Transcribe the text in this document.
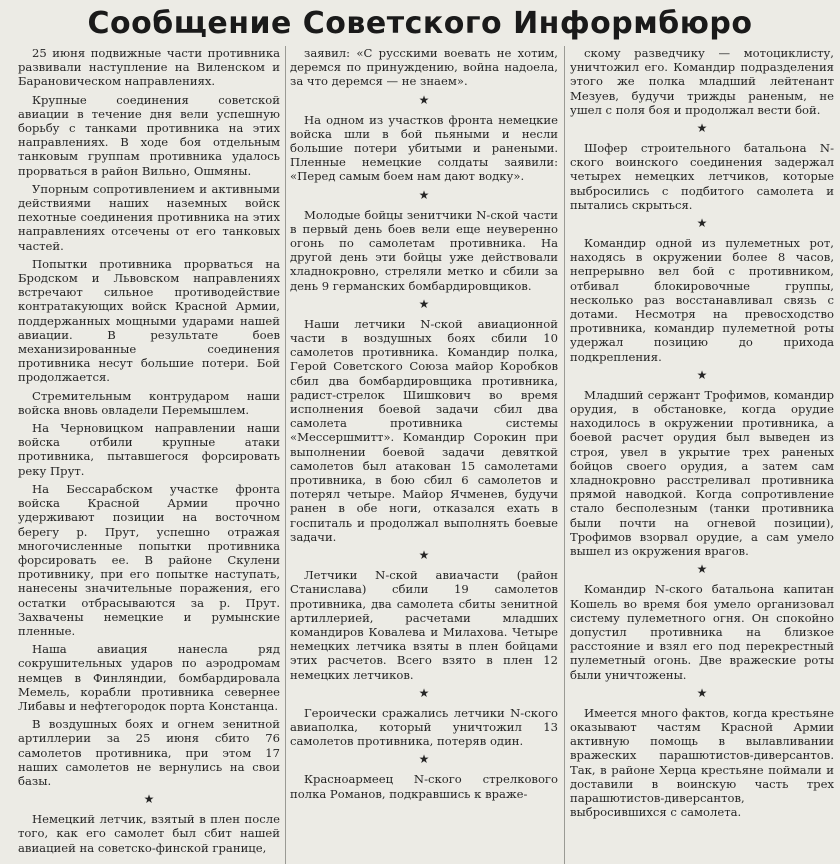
Сообщение Советского Информбюро

25 июня подвижные части противника развивали наступление на Виленском и Барановическом направлениях.

Крупные соединения советской авиации в течение дня вели успешную борьбу с танками противника на этих направлениях. В ходе боя отдельным танковым группам противника удалось прорваться в район Вильно, Ошмяны.

Упорным сопротивлением и активными действиями наших наземных войск пехотные соединения противника на этих направлениях отсечены от его танковых частей.

Попытки противника прорваться на Бродском и Львовском направлениях встречают сильное противодействие контратакующих войск Красной Армии, поддержанных мощными ударами нашей авиации. В результате боев механизированные соединения противника несут большие потери. Бой продолжается.

Стремительным контрударом наши войска вновь овладели Перемышлем.

На Черновицком направлении наши войска отбили крупные атаки противника, пытавшегося форсировать реку Прут.

На Бессарабском участке фронта войска Красной Армии прочно удерживают позиции на восточном берегу р. Прут, успешно отражая многочисленные попытки противника форсировать ее. В районе Скулени противнику, при его попытке наступать, нанесены значительные поражения, его остатки отбрасываются за р. Прут. Захвачены немецкие и румынские пленные.

Наша авиация нанесла ряд сокрушительных ударов по аэродромам немцев в Финляндии, бомбардировала Мемель, корабли противника севернее Либавы и нефтегородок порта Констанца.

В воздушных боях и огнем зенитной артиллерии за 25 июня сбито 76 самолетов противника, при этом 17 наших самолетов не вернулись на свои базы.

★

Немецкий летчик, взятый в плен после того, как его самолет был сбит нашей авиацией на советско-финской границе,

заявил: «С русскими воевать не хотим, деремся по принуждению, война надоела, за что деремся — не знаем».

★

На одном из участков фронта немецкие войска шли в бой пьяными и несли большие потери убитыми и ранеными. Пленные немецкие солдаты заявили: «Перед самым боем нам дают водку».

★

Молодые бойцы зенитчики N-ской части в первый день боев вели еще неуверенно огонь по самолетам противника. На другой день эти бойцы уже действовали хладнокровно, стреляли метко и сбили за день 9 германских бомбардировщиков.

★

Наши летчики N-ской авиационной части в воздушных боях сбили 10 самолетов противника. Командир полка, Герой Советского Союза майор Коробков сбил два бомбардировщика противника, радист-стрелок Шишкович во время исполнения боевой задачи сбил два самолета противника системы «Мессершмитт». Командир Сорокин при выполнении боевой задачи девяткой самолетов был атакован 15 самолетами противника, в бою сбил 6 самолетов и потерял четыре. Майор Ячменев, будучи ранен в обе ноги, отказался ехать в госпиталь и продолжал выполнять боевые задачи.

★

Летчики N-ской авиачасти (район Станислава) сбили 19 самолетов противника, два самолета сбиты зенитной артиллерией, расчетами младших командиров Ковалева и Милахова. Четыре немецких летчика взяты в плен бойцами этих расчетов. Всего взято в плен 12 немецких летчиков.

★

Героически сражались летчики N-ского авиаполка, который уничтожил 13 самолетов противника, потеряв один.

★

Красноармеец N-ского стрелкового полка Романов, подкравшись к враже-

скому разведчику — мотоциклисту, уничтожил его. Командир подразделения этого же полка младший лейтенант Мезуев, будучи трижды раненым, не ушел с поля боя и продолжал вести бой.

★

Шофер строительного батальона N-ского воинского соединения задержал четырех немецких летчиков, которые выбросились с подбитого самолета и пытались скрыться.

★

Командир одной из пулеметных рот, находясь в окружении более 8 часов, непрерывно вел бой с противником, отбивал блокировочные группы, несколько раз восстанавливал связь с дотами. Несмотря на превосходство противника, командир пулеметной роты удержал позицию до прихода подкрепления.

★

Младший сержант Трофимов, командир орудия, в обстановке, когда орудие находилось в окружении противника, а боевой расчет орудия был выведен из строя, увел в укрытие трех раненых бойцов своего орудия, а затем сам хладнокровно расстреливал противника прямой наводкой. Когда сопротивление стало бесполезным (танки противника были почти на огневой позиции), Трофимов взорвал орудие, а сам умело вышел из окружения врагов.

★

Командир N-ского батальона капитан Кошель во время боя умело организовал систему пулеметного огня. Он спокойно допустил противника на близкое расстояние и взял его под перекрестный пулеметный огонь. Две вражеские роты были уничтожены.

★

Имеется много фактов, когда крестьяне оказывают частям Красной Армии активную помощь в вылавливании вражеских парашютистов-диверсантов. Так, в районе Херца крестьяне поймали и доставили в воинскую часть трех парашютистов-диверсантов, выбросившихся с самолета.
